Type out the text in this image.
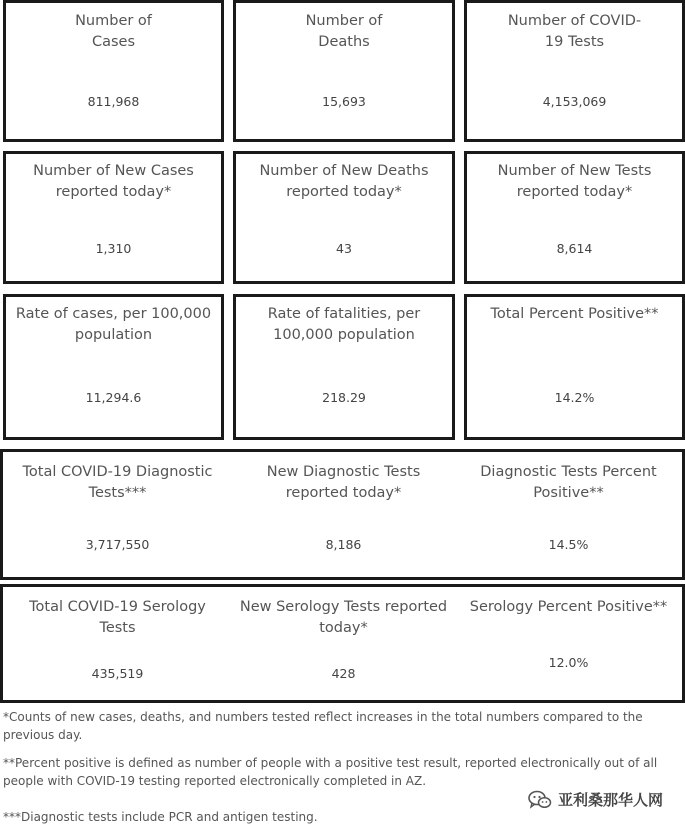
Number of Cases
811,968
Number of Deaths
15,693
Number of COVID-19 Tests
4,153,069
Number of New Cases reported today*
1,310
Number of New Deaths reported today*
43
Number of New Tests reported today*
8,614
Rate of cases, per 100,000 population
11,294.6
Rate of fatalities, per 100,000 population
218.29
Total Percent Positive**
14.2%
Total COVID-19 Diagnostic Tests***
3,717,550
New Diagnostic Tests reported today*
8,186
Diagnostic Tests Percent Positive**
14.5%
Total COVID-19 Serology Tests
435,519
New Serology Tests reported today*
428
Serology Percent Positive**
12.0%
*Counts of new cases, deaths, and numbers tested reflect increases in the total numbers compared to the previous day.
**Percent positive is defined as number of people with a positive test result, reported electronically out of all people with COVID-19 testing reported electronically completed in AZ.
***Diagnostic tests include PCR and antigen testing.
亚利桑那华人网
